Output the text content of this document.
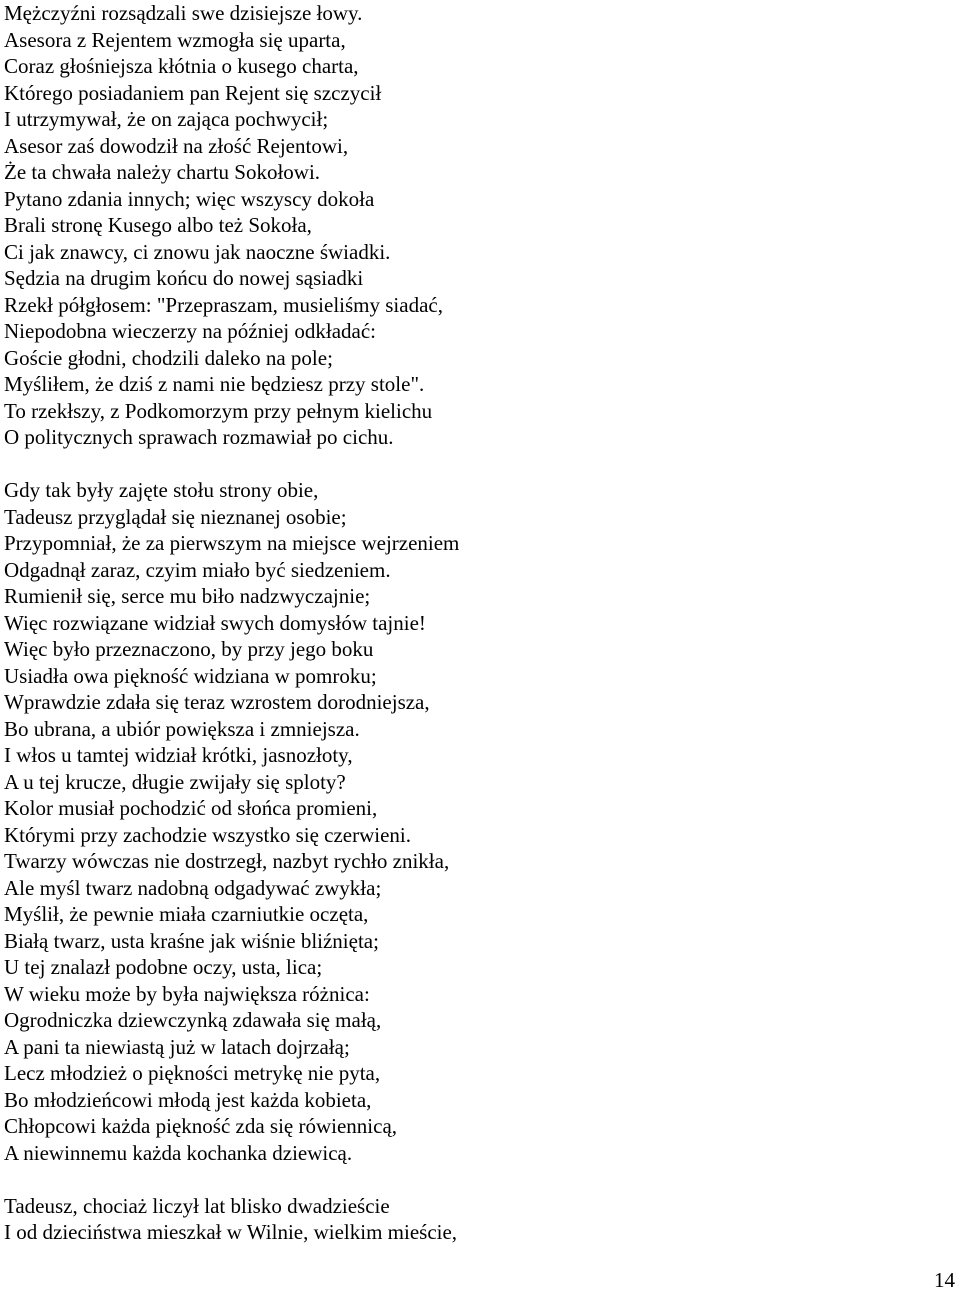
Mężczyźni rozsądzali swe dzisiejsze łowy.
Asesora z Rejentem wzmogła się uparta,
Coraz głośniejsza kłótnia o kusego charta,
Którego posiadaniem pan Rejent się szczycił
I utrzymywał, że on zająca pochwycił;
Asesor zaś dowodził na złość Rejentowi,
Że ta chwała należy chartu Sokołowi.
Pytano zdania innych; więc wszyscy dokoła
Brali stronę Kusego albo też Sokoła,
Ci jak znawcy, ci znowu jak naoczne świadki.
Sędzia na drugim końcu do nowej sąsiadki
Rzekł półgłosem: "Przepraszam, musieliśmy siadać,
Niepodobna wieczerzy na później odkładać:
Goście głodni, chodzili daleko na pole;
Myśliłem, że dziś z nami nie będziesz przy stole".
To rzekłszy, z Podkomorzym przy pełnym kielichu
O politycznych sprawach rozmawiał po cichu.
Gdy tak były zajęte stołu strony obie,
Tadeusz przyglądał się nieznanej osobie;
Przypomniał, że za pierwszym na miejsce wejrzeniem
Odgadnął zaraz, czyim miało być siedzeniem.
Rumienił się, serce mu biło nadzwyczajnie;
Więc rozwiązane widział swych domysłów tajnie!
Więc było przeznaczono, by przy jego boku
Usiadła owa piękność widziana w pomroku;
Wprawdzie zdała się teraz wzrostem dorodniejsza,
Bo ubrana, a ubiór powiększa i zmniejsza.
I włos u tamtej widział krótki, jasnozłoty,
A u tej krucze, długie zwijały się sploty?
Kolor musiał pochodzić od słońca promieni,
Którymi przy zachodzie wszystko się czerwieni.
Twarzy wówczas nie dostrzegł, nazbyt rychło znikła,
Ale myśl twarz nadobną odgadywać zwykła;
Myślił, że pewnie miała czarniutkie oczęta,
Białą twarz, usta kraśne jak wiśnie bliźnięta;
U tej znalazł podobne oczy, usta, lica;
W wieku może by była największa różnica:
Ogrodniczka dziewczynką zdawała się małą,
A pani ta niewiastą już w latach dojrzałą;
Lecz młodzież o piękności metrykę nie pyta,
Bo młodzieńcowi młodą jest każda kobieta,
Chłopcowi każda piękność zda się rówiennicą,
A niewinnemu każda kochanka dziewicą.
Tadeusz, chociaż liczył lat blisko dwadzieście
I od dzieciństwa mieszkał w Wilnie, wielkim mieście,
14
